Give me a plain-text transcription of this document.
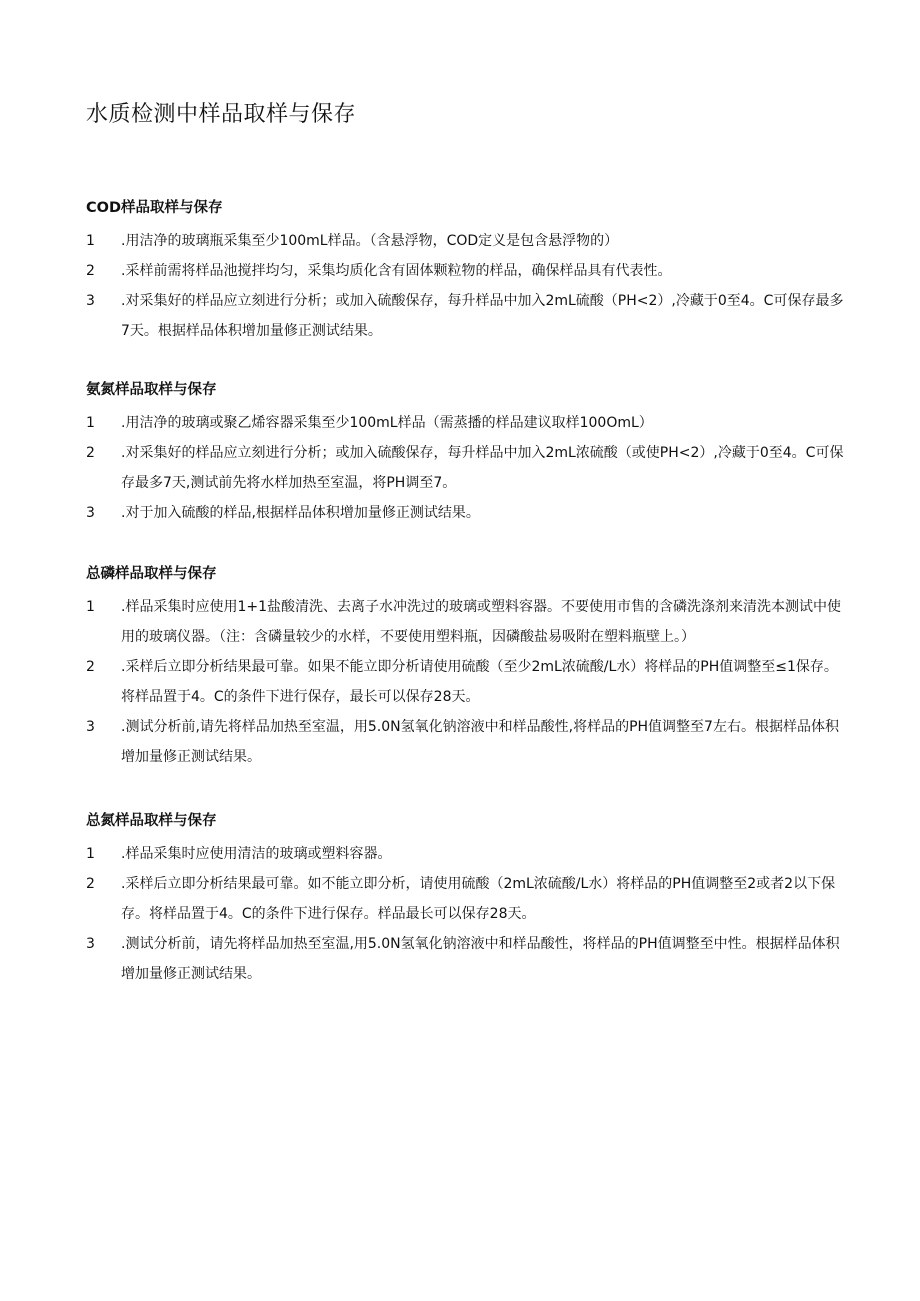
水质检测中样品取样与保存
COD样品取样与保存
1	.用洁净的玻璃瓶采集至少100mL样品。（含悬浮物，COD定义是包含悬浮物的）
2	.采样前需将样品池搅拌均匀，采集均质化含有固体颗粒物的样品，确保样品具有代表性。
3	.对采集好的样品应立刻进行分析；或加入硫酸保存，每升样品中加入2mL硫酸（PH<2）,冷藏于0至4。C可保存最多7天。根据样品体积增加量修正测试结果。
氨氮样品取样与保存
1	.用洁净的玻璃或聚乙烯容器采集至少100mL样品（需蒸播的样品建议取样100OmL）
2	.对采集好的样品应立刻进行分析；或加入硫酸保存，每升样品中加入2mL浓硫酸（或使PH<2）,冷藏于0至4。C可保存最多7天,测试前先将水样加热至室温，将PH调至7。
3	.对于加入硫酸的样品,根据样品体积增加量修正测试结果。
总磷样品取样与保存
1	.样品采集时应使用1+1盐酸清洗、去离子水冲洗过的玻璃或塑料容器。不要使用市售的含磷洗涤剂来清洗本测试中使用的玻璃仪器。（注：含磷量较少的水样，不要使用塑料瓶，因磷酸盐易吸附在塑料瓶壁上。）
2	.采样后立即分析结果最可靠。如果不能立即分析请使用硫酸（至少2mL浓硫酸/L水）将样品的PH值调整至≤1保存。将样品置于4。C的条件下进行保存，最长可以保存28天。
3	.测试分析前,请先将样品加热至室温，用5.0N氢氧化钠溶液中和样品酸性,将样品的PH值调整至7左右。根据样品体积增加量修正测试结果。
总氮样品取样与保存
1	.样品采集时应使用清洁的玻璃或塑料容器。
2	.采样后立即分析结果最可靠。如不能立即分析，请使用硫酸（2mL浓硫酸/L水）将样品的PH值调整至2或者2以下保存。将样品置于4。C的条件下进行保存。样品最长可以保存28天。
3	.测试分析前，请先将样品加热至室温,用5.0N氢氧化钠溶液中和样品酸性，将样品的PH值调整至中性。根据样品体积增加量修正测试结果。
